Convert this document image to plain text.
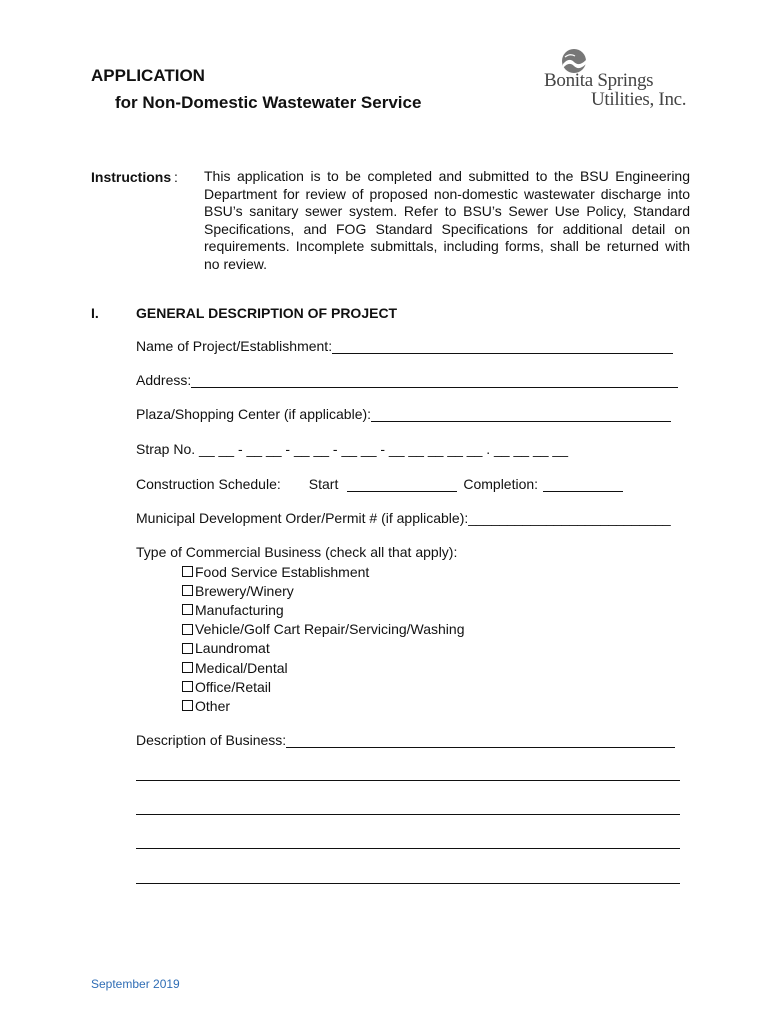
APPLICATION
for Non-Domestic Wastewater Service
Bonita Springs
Utilities, Inc.
Instructions : This application is to be completed and submitted to the BSU Engineering Department for review of proposed non-domestic wastewater discharge into BSU’s sanitary sewer system. Refer to BSU’s Sewer Use Policy, Standard Specifications, and FOG Standard Specifications for additional detail on requirements. Incomplete submittals, including forms, shall be returned with no review.
I.	GENERAL DESCRIPTION OF PROJECT
Name of Project/Establishment:
Address:
Plaza/Shopping Center (if applicable):
Strap No. __ __ - __ __ - __ __ - __ __ - __ __ __ __ __ . __ __ __ __
Construction Schedule: Start	Completion:
Municipal Development Order/Permit # (if applicable):__________________________
Type of Commercial Business (check all that apply):
Food Service Establishment
Brewery/Winery
Manufacturing
Vehicle/Golf Cart Repair/Servicing/Washing
Laundromat
Medical/Dental
Office/Retail
Other
Description of Business:
September 2019
